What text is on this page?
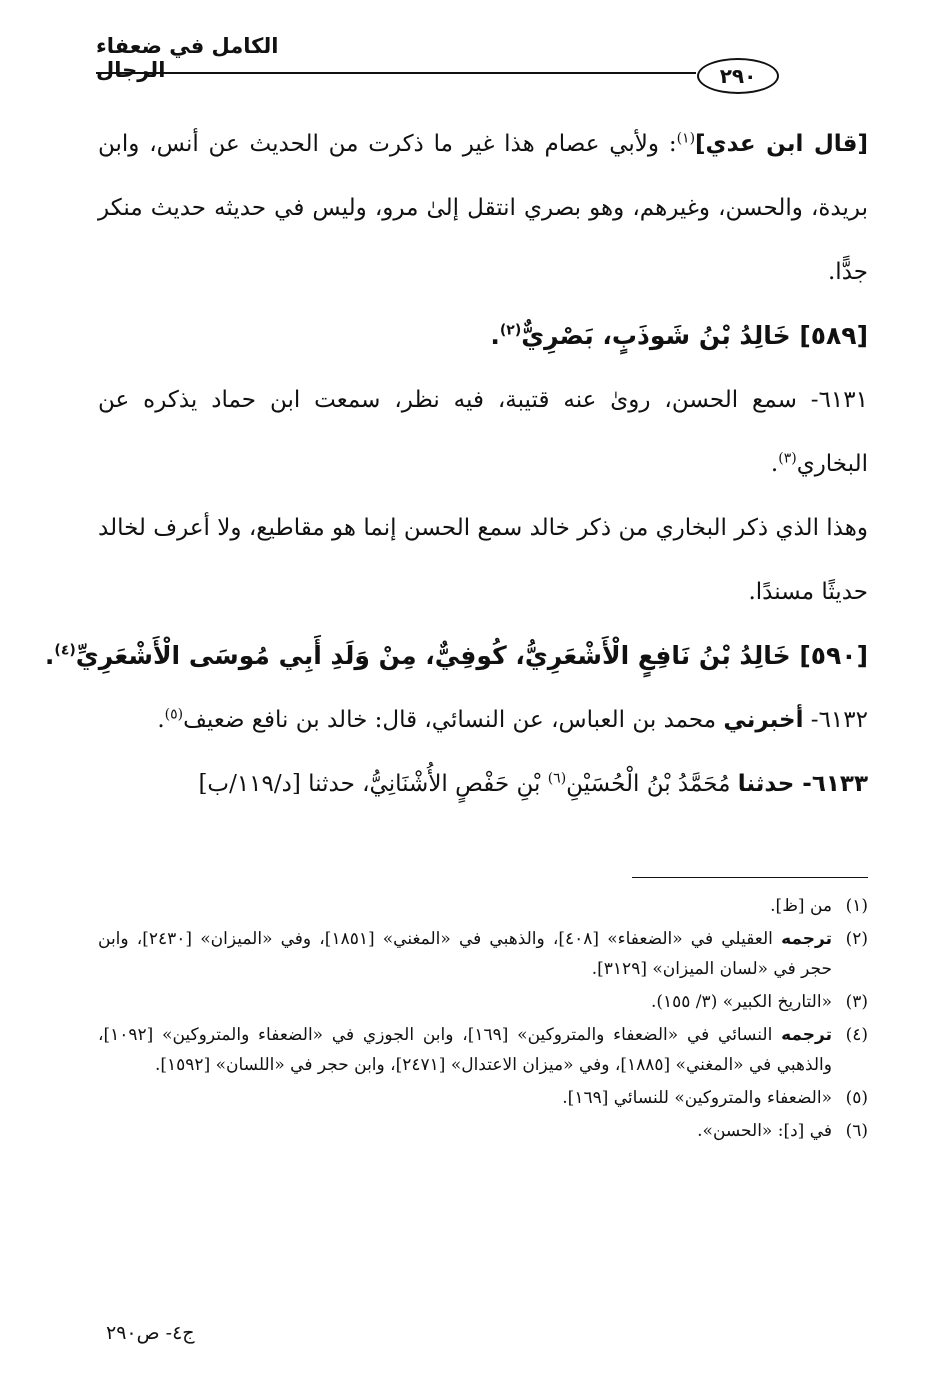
الكامل في ضعفاء الرجال	٢٩٠

[قال ابن عدي]$^{(١)}$: ولأبي عصام هذا غير ما ذكرت من الحديث عن أنس، وابن بريدة، والحسن، وغيرهم، وهو بصري انتقل إلىٰ مرو، وليس في حديثه حديث منكر جدًّا.

[٥٨٩] خَالِدُ بْنُ شَوذَبٍ، بَصْرِيٌّ$^{(٢)}$.

٦١٣١- سمع الحسن، روىٰ عنه قتيبة، فيه نظر، سمعت ابن حماد يذكره عن البخاري$^{(٣)}$.

وهذا الذي ذكر البخاري من ذكر خالد سمع الحسن إنما هو مقاطيع، ولا أعرف لخالد حديثًا مسندًا.

[٥٩٠] خَالِدُ بْنُ نَافِعٍ الْأَشْعَرِيُّ، كُوفِيٌّ، مِنْ وَلَدِ أَبِي مُوسَى الْأَشْعَرِيِّ$^{(٤)}$.

٦١٣٢- أخبرني محمد بن العباس، عن النسائي، قال: خالد بن نافع ضعيف$^{(٥)}$.

٦١٣٣- حدثنا مُحَمَّدُ بْنُ الْحُسَيْنِ$^{(٦)}$ بْنِ حَفْصٍ الأُشْنَانِيُّ، حدثنا [د/١١٩/ب]

(١)
من [ظ].
(٢)
ترجمه العقيلي في «الضعفاء» [٤٠٨]، والذهبي في «المغني» [١٨٥١]، وفي «الميزان» [٢٤٣٠]، وابن حجر في «لسان الميزان» [٣١٢٩].
(٣)
«التاريخ الكبير» (٣/ ١٥٥).
(٤)
ترجمه النسائي في «الضعفاء والمتروكين» [١٦٩]، وابن الجوزي في «الضعفاء والمتروكين» [١٠٩٢]، والذهبي في «المغني» [١٨٨٥]، وفي «ميزان الاعتدال» [٢٤٧١]، وابن حجر في «اللسان» [١٥٩٢].
(٥)
«الضعفاء والمتروكين» للنسائي [١٦٩].
(٦)
في [د]: «الحسن».
ج٤- ص٢٩٠
